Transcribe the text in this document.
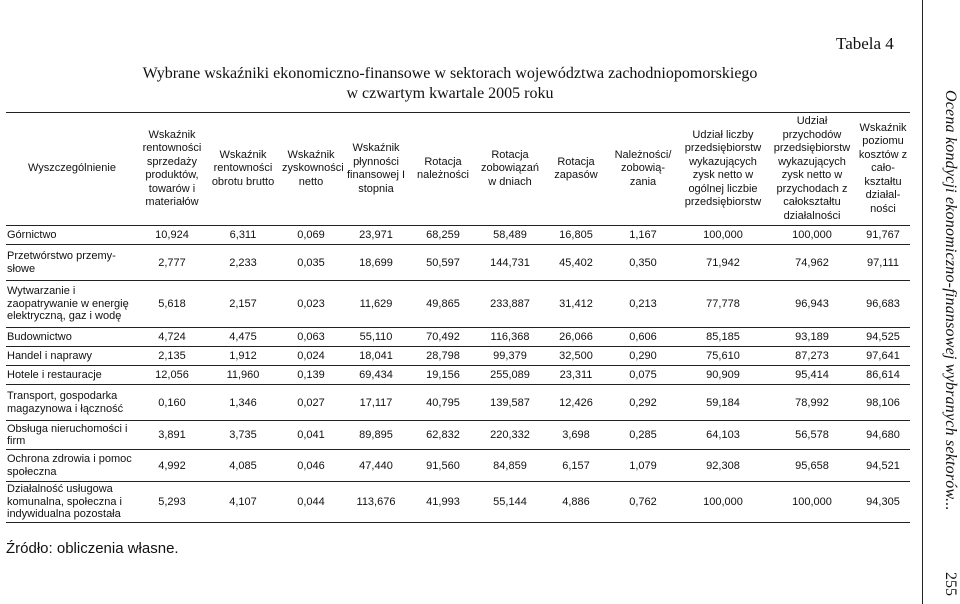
Tabela 4
Wybrane wskaźniki ekonomiczno-finansowe w sektorach województwa zachodniopomorskiego
w czwartym kwartale 2005 roku
Wyszczególnienie	Wskaźnik rentowności sprzedaży produktów, towarów i materiałów	Wskaźnik rentowności obrotu brutto	Wskaźnik zyskowności netto	Wskaźnik płynności finansowej I stopnia	Rotacja należności	Rotacja zobowiązań w dniach	Rotacja zapasów	Należności/ zobowią- zania	Udział liczby przedsiębiorstw wykazujących zysk netto w ogólnej liczbie przedsiębiorstw	Udział przychodów przedsiębiorstw wykazujących zysk netto w przychodach z całokształtu działalności	Wskaźnik poziomu kosztów z cało- kształtu działal- ności
Górnictwo	10,924	6,311	0,069	23,971	68,259	58,489	16,805	1,167	100,000	100,000	91,767
Przetwórstwo przemy- słowe	2,777	2,233	0,035	18,699	50,597	144,731	45,402	0,350	71,942	74,962	97,111
Wytwarzanie i zaopatrywanie w energię elektryczną, gaz i wodę	5,618	2,157	0,023	11,629	49,865	233,887	31,412	0,213	77,778	96,943	96,683
Budownictwo	4,724	4,475	0,063	55,110	70,492	116,368	26,066	0,606	85,185	93,189	94,525
Handel i naprawy	2,135	1,912	0,024	18,041	28,798	99,379	32,500	0,290	75,610	87,273	97,641
Hotele i restauracje	12,056	11,960	0,139	69,434	19,156	255,089	23,311	0,075	90,909	95,414	86,614
Transport, gospodarka magazynowa i łączność	0,160	1,346	0,027	17,117	40,795	139,587	12,426	0,292	59,184	78,992	98,106
Obsługa nieruchomości i firm	3,891	3,735	0,041	89,895	62,832	220,332	3,698	0,285	64,103	56,578	94,680
Ochrona zdrowia i pomoc społeczna	4,992	4,085	0,046	47,440	91,560	84,859	6,157	1,079	92,308	95,658	94,521
Działalność usługowa komunalna, społeczna i indywidualna pozostała	5,293	4,107	0,044	113,676	41,993	55,144	4,886	0,762	100,000	100,000	94,305
Źródło: obliczenia własne.
Ocena kondycji ekonomiczno-finansowej wybranych sektorów...
255
